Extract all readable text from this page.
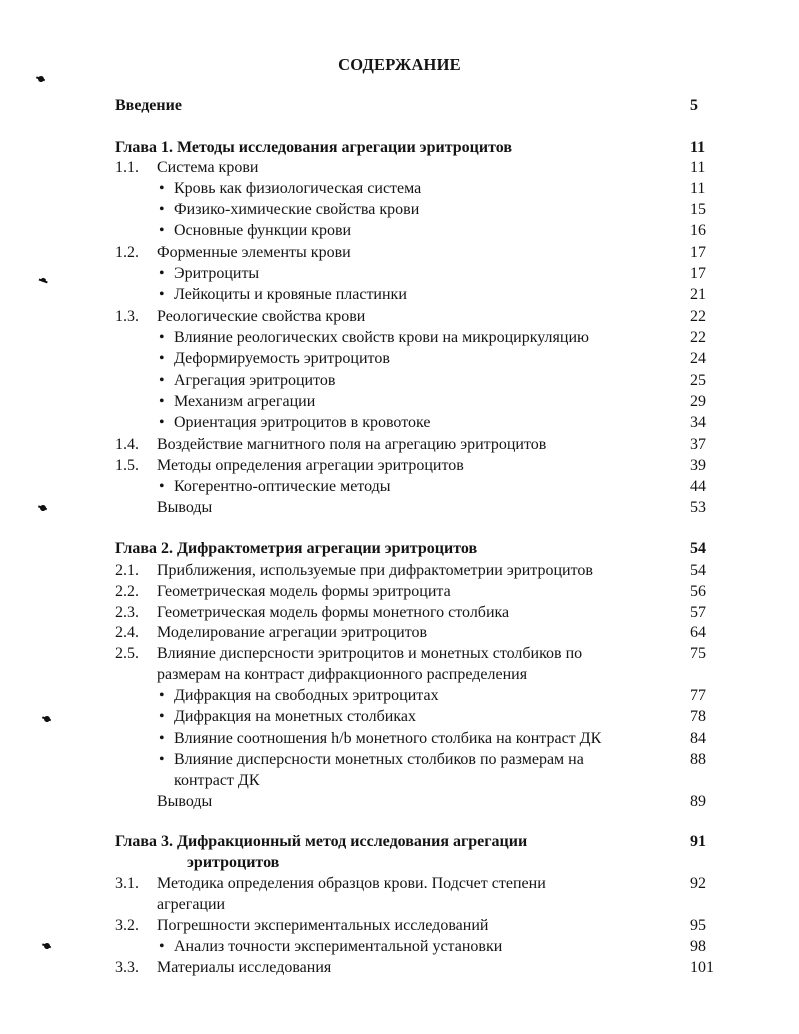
СОДЕРЖАНИЕ
Введение	5
Глава 1. Методы исследования агрегации эритроцитов	11
1.1. Система крови	11
• Кровь как физиологическая система	11
• Физико-химические свойства крови	15
• Основные функции крови	16
1.2. Форменные элементы крови	17
• Эритроциты	17
• Лейкоциты и кровяные пластинки	21
1.3. Реологические свойства крови	22
• Влияние реологических свойств крови на микроциркуляцию	22
• Деформируемость эритроцитов	24
• Агрегация эритроцитов	25
• Механизм агрегации	29
• Ориентация эритроцитов в кровотоке	34
1.4. Воздействие магнитного поля на агрегацию эритроцитов	37
1.5. Методы определения агрегации эритроцитов	39
• Когерентно-оптические методы	44
Выводы	53
Глава 2. Дифрактометрия агрегации эритроцитов	54
2.1. Приближения, используемые при дифрактометрии эритроцитов	54
2.2. Геометрическая модель формы эритроцита	56
2.3. Геометрическая модель формы монетного столбика	57
2.4. Моделирование агрегации эритроцитов	64
2.5. Влияние дисперсности эритроцитов и монетных столбиков по	75
размерам на контраст дифракционного распределения
• Дифракция на свободных эритроцитах	77
• Дифракция на монетных столбиках	78
• Влияние соотношения h/b монетного столбика на контраст ДК	84
• Влияние дисперсности монетных столбиков по размерам на	88
контраст ДК
Выводы	89
Глава 3. Дифракционный метод исследования агрегации	91
эритроцитов
3.1. Методика определения образцов крови. Подсчет степени	92
агрегации
3.2. Погрешности экспериментальных исследований	95
• Анализ точности экспериментальной установки	98
3.3. Материалы исследования	101
